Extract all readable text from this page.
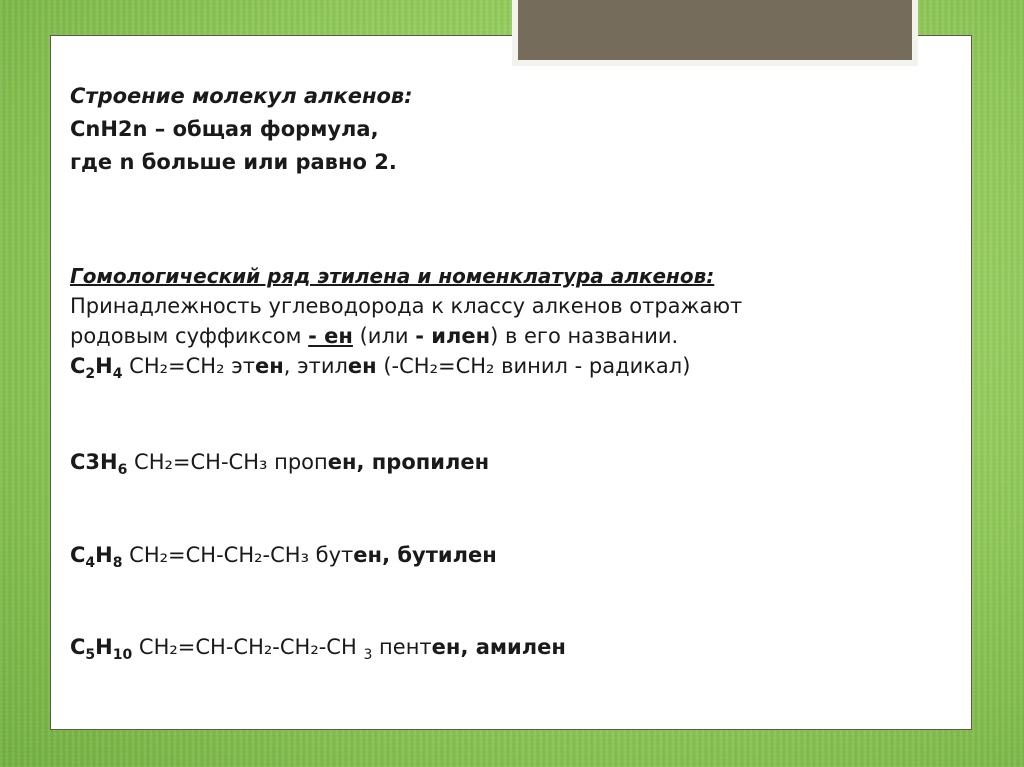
Строение молекул алкенов:
CnH2n – общая формула,
где n больше или равно 2.
Гомологический ряд этилена и номенклатура алкенов:
Принадлежность углеводорода к классу алкенов отражают
родовым суффиксом - ен (или - илен) в его названии.
$C_2H_4$ CH₂=CH₂ этен, этилен (-CH₂=CH₂ винил - радикал)
$C3H_6$ CH₂=CH-CH₃ пропен, пропилен
$C_4H_8$ CH₂=CH-CH₂-CH₃ бутен, бутилен
$C_5H_{10}$ CH₂=CH-CH₂-CH₂-CH $_3$ пентен, амилен
